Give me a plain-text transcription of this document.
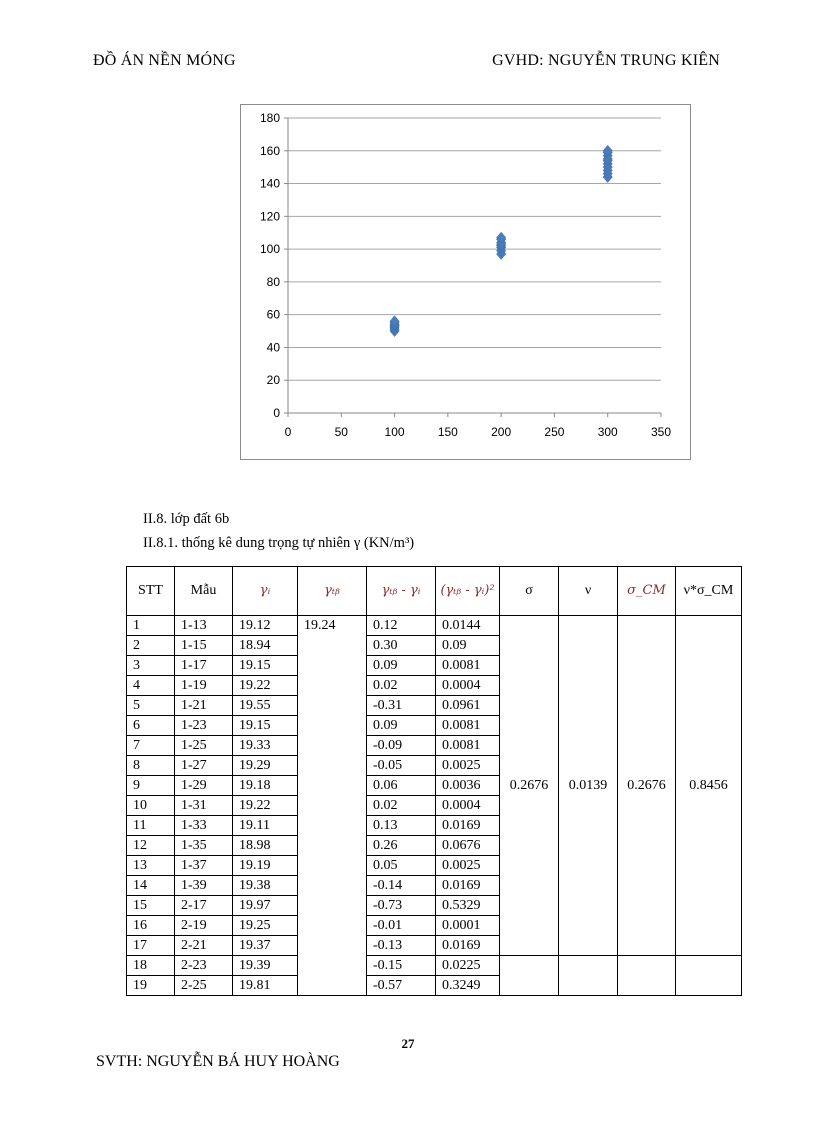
ĐỒ ÁN NỀN MÓNG	GVHD: NGUYỄN TRUNG KIÊN
0
20
40
60
80
100
120
140
160
180
0	50	100	150	200	250	300	350
II.8. lớp đất 6b
II.8.1. thống kê dung trọng tự nhiên γ (KN/m³)
STT	Mẫu	γᵢ	γₜᵦ	γₜᵦ - γᵢ	(γₜᵦ - γᵢ)²	σ	ν	σ_CM	ν*σ_CM
1	1-13	19.12	19.24	0.12	0.0144	0.2676	0.0139	0.2676	0.8456
2	1-15	18.94		0.30	0.09				
3	1-17	19.15		0.09	0.0081				
4	1-19	19.22		0.02	0.0004				
5	1-21	19.55		-0.31	0.0961				
6	1-23	19.15		0.09	0.0081				
7	1-25	19.33		-0.09	0.0081				
8	1-27	19.29		-0.05	0.0025				
9	1-29	19.18		0.06	0.0036				
10	1-31	19.22		0.02	0.0004				
11	1-33	19.11		0.13	0.0169				
12	1-35	18.98		0.26	0.0676				
13	1-37	19.19		0.05	0.0025				
14	1-39	19.38		-0.14	0.0169				
15	2-17	19.97		-0.73	0.5329				
16	2-19	19.25		-0.01	0.0001				
17	2-21	19.37		-0.13	0.0169				
18	2-23	19.39		-0.15	0.0225				
19	2-25	19.81		-0.57	0.3249				
27
SVTH: NGUYỄN BÁ HUY HOÀNG
